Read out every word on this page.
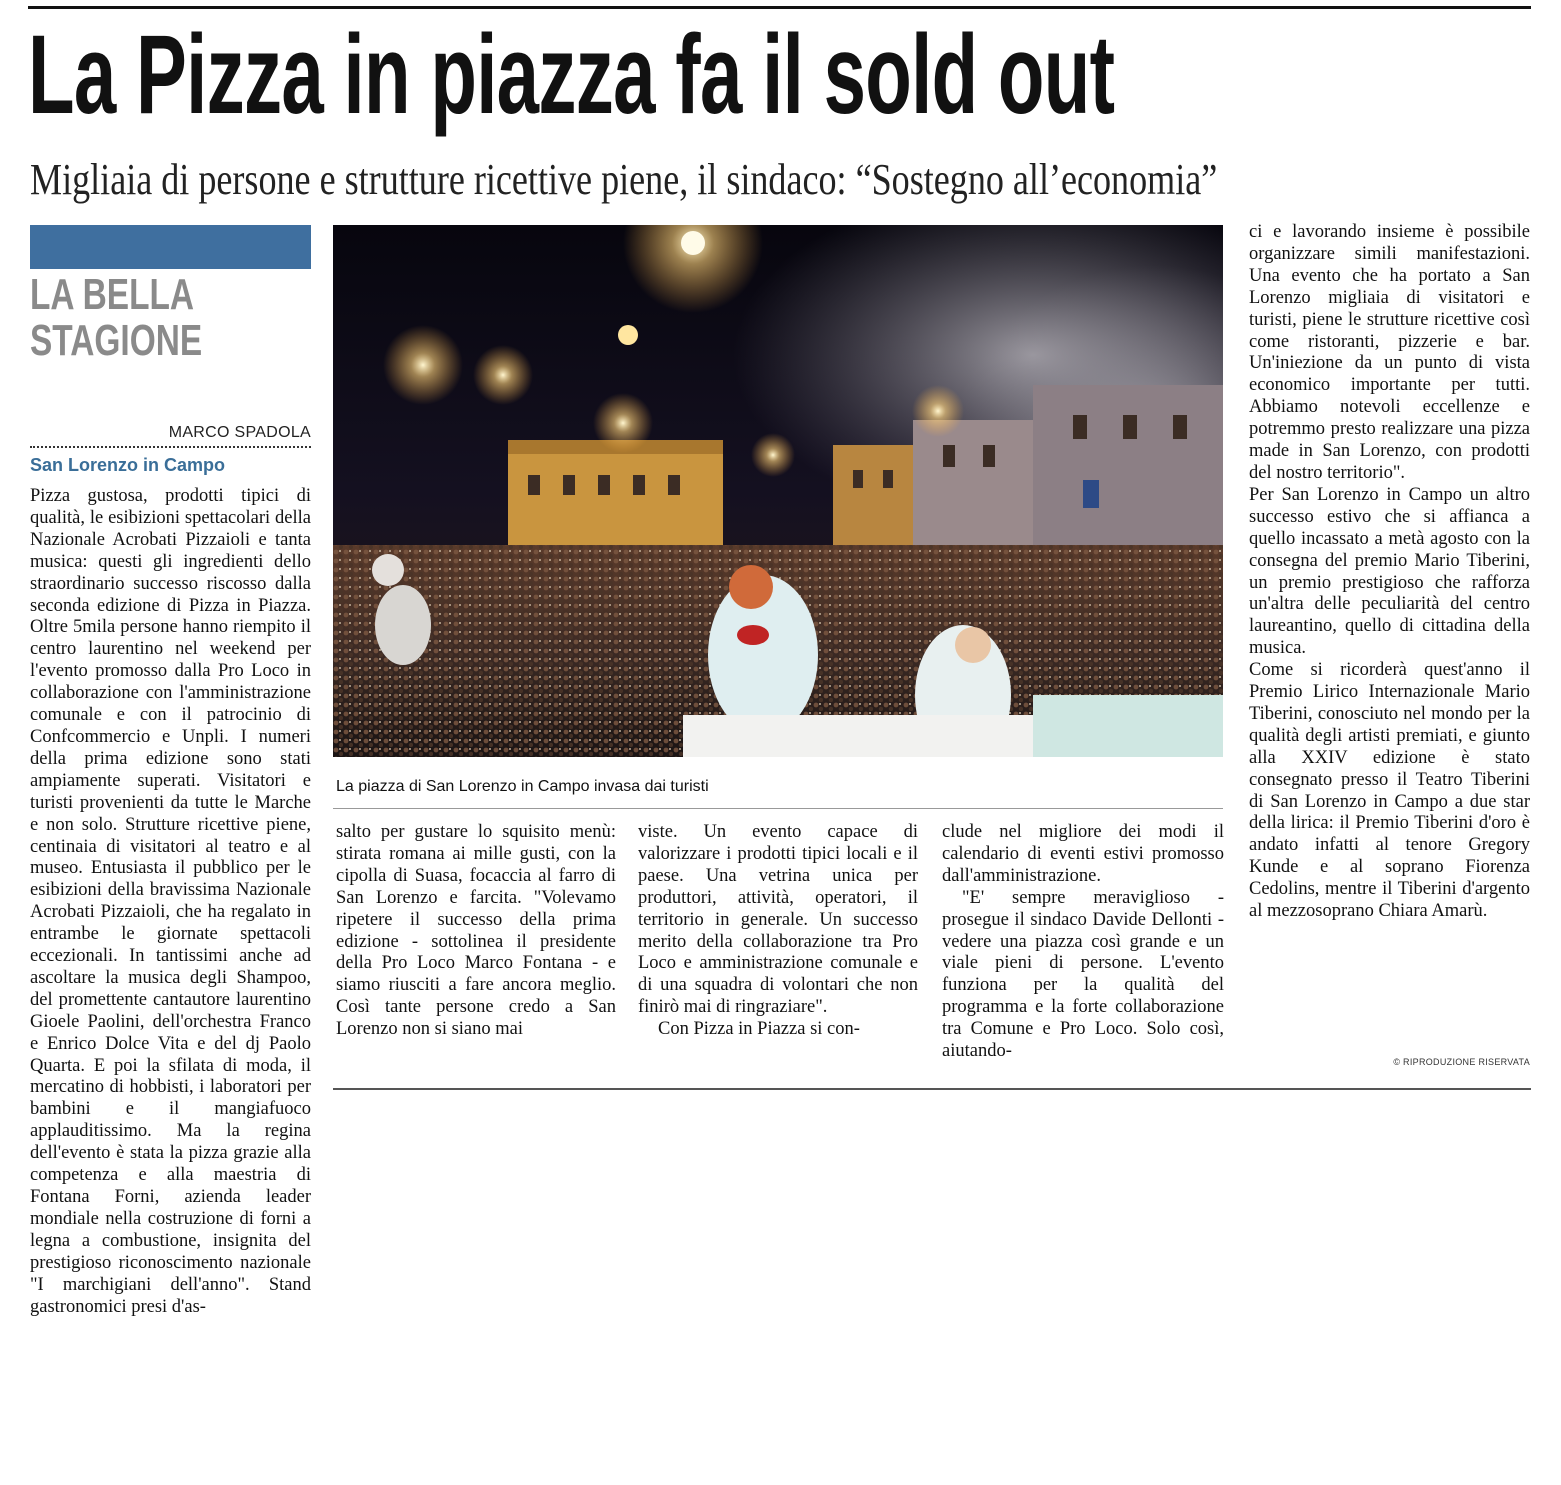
La Pizza in piazza fa il sold out
Migliaia di persone e strutture ricettive piene, il sindaco: “Sostegno all’economia”
LA BELLA
STAGIONE
MARCO SPADOLA
San Lorenzo in Campo

Pizza gustosa, prodotti tipici di qualità, le esibizioni spettacolari della Nazionale Acrobati Pizzaioli e tanta musica: questi gli ingredienti dello straordinario successo riscosso dalla seconda edizione di Pizza in Piazza. Oltre 5mila persone hanno riempito il centro laurentino nel weekend per l'evento promosso dalla Pro Loco in collaborazione con l'amministrazione comunale e con il patrocinio di Confcommercio e Unpli. I numeri della prima edizione sono stati ampiamente superati. Visitatori e turisti provenienti da tutte le Marche e non solo. Strutture ricettive piene, centinaia di visitatori al teatro e al museo. Entusiasta il pubblico per le esibizioni della bravissima Nazionale Acrobati Pizzaioli, che ha regalato in entrambe le giornate spettacoli eccezionali. In tantissimi anche ad ascoltare la musica degli Shampoo, del promettente cantautore laurentino Gioele Paolini, dell'orchestra Franco e Enrico Dolce Vita e del dj Paolo Quarta. E poi la sfilata di moda, il mercatino di hobbisti, i laboratori per bambini e il mangiafuoco applauditissimo. Ma la regina dell'evento è stata la pizza grazie alla competenza e alla maestria di Fontana Forni, azienda leader mondiale nella costruzione di forni a legna a combustione, insignita del prestigioso riconoscimento nazionale "I marchigiani dell'anno". Stand gastronomici presi d'as-

La piazza di San Lorenzo in Campo invasa dai turisti

salto per gustare lo squisito menù: stirata romana ai mille gusti, con la cipolla di Suasa, focaccia al farro di San Lorenzo e farcita. "Volevamo ripetere il successo della prima edizione - sottolinea il presidente della Pro Loco Marco Fontana - e siamo riusciti a fare ancora meglio. Così tante persone credo a San Lorenzo non si siano mai

viste. Un evento capace di valorizzare i prodotti tipici locali e il paese. Una vetrina unica per produttori, attività, operatori, il territorio in generale. Un successo merito della collaborazione tra Pro Loco e amministrazione comunale e di una squadra di volontari che non finirò mai di ringraziare".

Con Pizza in Piazza si con-

clude nel migliore dei modi il calendario di eventi estivi promosso dall'amministrazione.

"E' sempre meraviglioso - prosegue il sindaco Davide Dellonti - vedere una piazza così grande e un viale pieni di persone. L'evento funziona per la qualità del programma e la forte collaborazione tra Comune e Pro Loco. Solo così, aiutando-

ci e lavorando insieme è possibile organizzare simili manifestazioni. Una evento che ha portato a San Lorenzo migliaia di visitatori e turisti, piene le strutture ricettive così come ristoranti, pizzerie e bar. Un'iniezione da un punto di vista economico importante per tutti. Abbiamo notevoli eccellenze e potremmo presto realizzare una pizza made in San Lorenzo, con prodotti del nostro territorio".

Per San Lorenzo in Campo un altro successo estivo che si affianca a quello incassato a metà agosto con la consegna del premio Mario Tiberini, un premio prestigioso che rafforza un'altra delle peculiarità del centro laureantino, quello di cittadina della musica.

Come si ricorderà quest'anno il Premio Lirico Internazionale Mario Tiberini, conosciuto nel mondo per la qualità degli artisti premiati, e giunto alla XXIV edizione è stato consegnato presso il Teatro Tiberini di San Lorenzo in Campo a due star della lirica: il Premio Tiberini d'oro è andato infatti al tenore Gregory Kunde e al soprano Fiorenza Cedolins, mentre il Tiberini d'argento al mezzosoprano Chiara Amarù.

© RIPRODUZIONE RISERVATA
